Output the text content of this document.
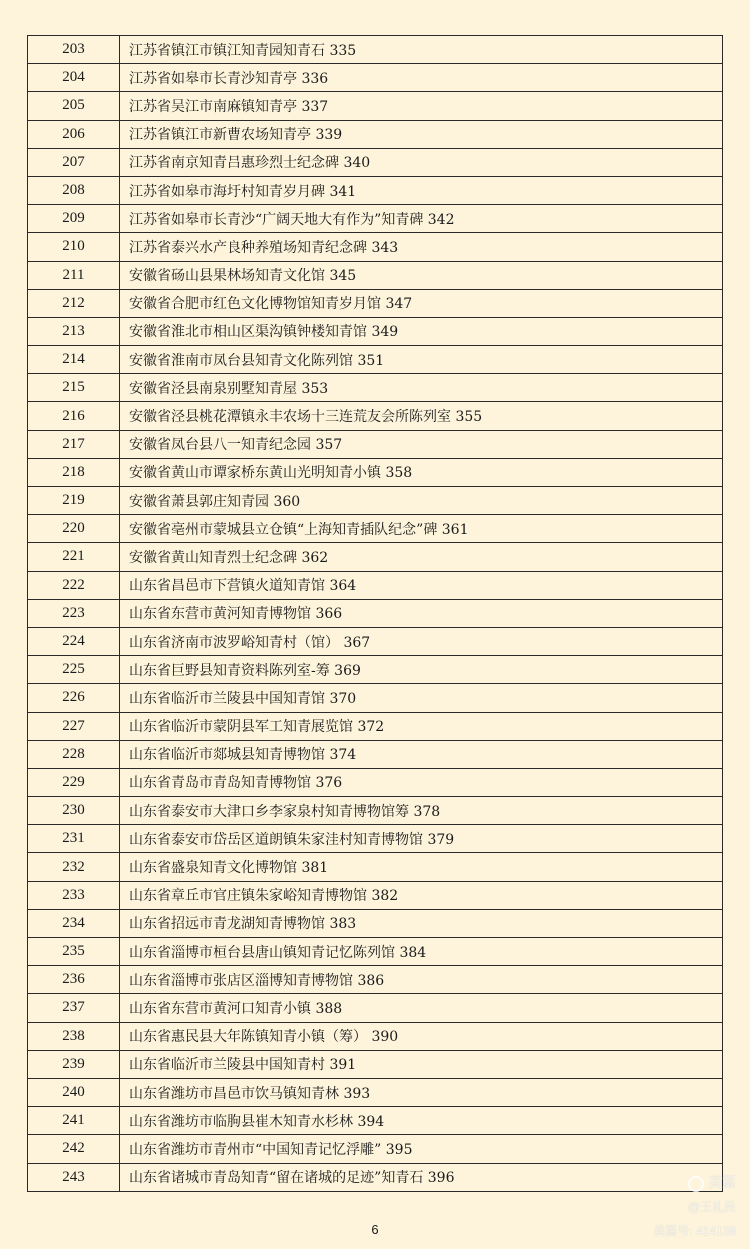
203	江苏省镇江市镇江知青园知青石 335
204	江苏省如皋市长青沙知青亭 336
205	江苏省吴江市南麻镇知青亭 337
206	江苏省镇江市新曹农场知青亭 339
207	江苏省南京知青吕惠珍烈士纪念碑 340
208	江苏省如皋市海圩村知青岁月碑 341
209	江苏省如皋市长青沙“广阔天地大有作为”知青碑 342
210	江苏省泰兴水产良种养殖场知青纪念碑 343
211	安徽省砀山县果林场知青文化馆 345
212	安徽省合肥市红色文化博物馆知青岁月馆 347
213	安徽省淮北市相山区渠沟镇钟楼知青馆 349
214	安徽省淮南市凤台县知青文化陈列馆 351
215	安徽省泾县南泉别墅知青屋 353
216	安徽省泾县桃花潭镇永丰农场十三连荒友会所陈列室 355
217	安徽省凤台县八一知青纪念园 357
218	安徽省黄山市谭家桥东黄山光明知青小镇 358
219	安徽省萧县郭庄知青园 360
220	安徽省亳州市蒙城县立仓镇“上海知青插队纪念”碑 361
221	安徽省黄山知青烈士纪念碑 362
222	山东省昌邑市下营镇火道知青馆 364
223	山东省东营市黄河知青博物馆 366
224	山东省济南市波罗峪知青村（馆） 367
225	山东省巨野县知青资料陈列室-筹 369
226	山东省临沂市兰陵县中国知青馆 370
227	山东省临沂市蒙阴县军工知青展览馆 372
228	山东省临沂市郯城县知青博物馆 374
229	山东省青岛市青岛知青博物馆 376
230	山东省泰安市大津口乡李家泉村知青博物馆筹 378
231	山东省泰安市岱岳区道朗镇朱家洼村知青博物馆 379
232	山东省盛泉知青文化博物馆 381
233	山东省章丘市官庄镇朱家峪知青博物馆 382
234	山东省招远市青龙湖知青博物馆 383
235	山东省淄博市桓台县唐山镇知青记忆陈列馆 384
236	山东省淄博市张店区淄博知青博物馆 386
237	山东省东营市黄河口知青小镇 388
238	山东省惠民县大年陈镇知青小镇（筹） 390
239	山东省临沂市兰陵县中国知青村 391
240	山东省潍坊市昌邑市饮马镇知青林 393
241	山东省潍坊市临朐县崔木知青水杉林 394
242	山东省潍坊市青州市“中国知青记忆浮雕” 395
243	山东省诸城市青岛知青“留在诸城的足迹”知青石 396
6
美篇
@王礼民
美篇号: 414138
